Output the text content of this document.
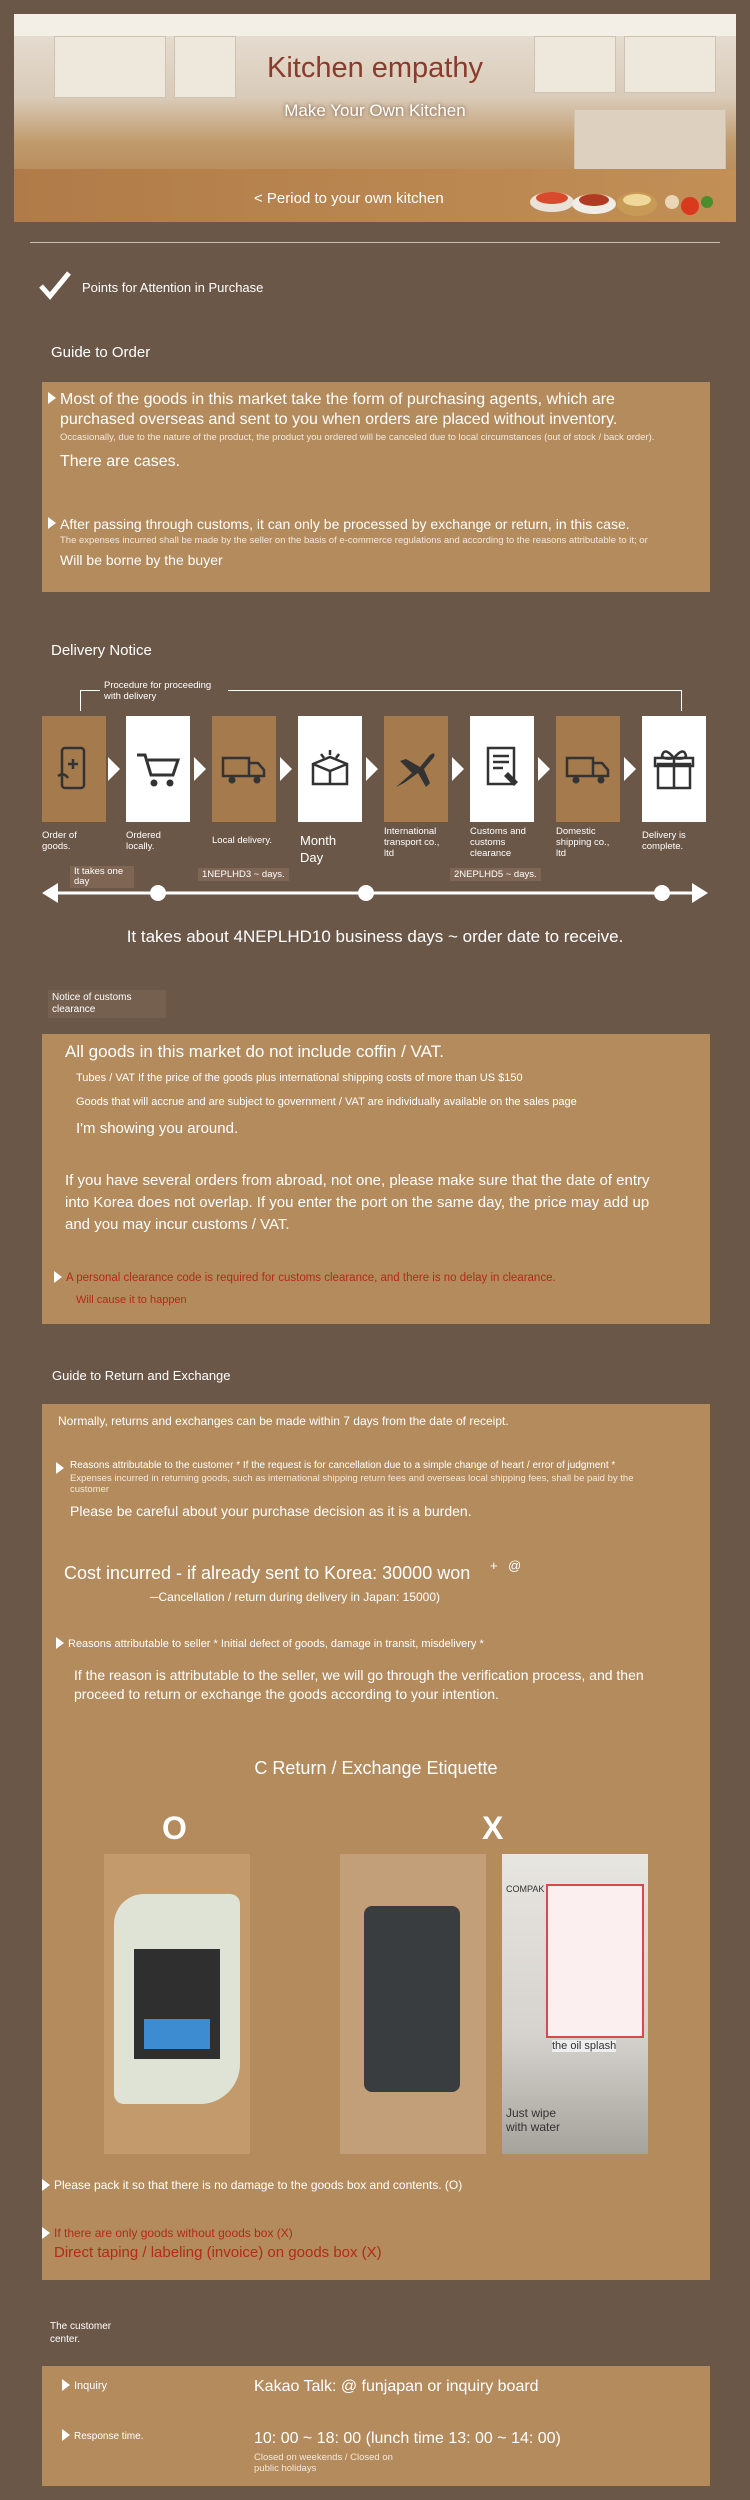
Kitchen empathy
Make Your Own Kitchen
< Period to your own kitchen
Points for Attention in Purchase
Guide to Order
Most of the goods in this market take the form of purchasing agents, which are purchased overseas and sent to you when orders are placed without inventory.
Occasionally, due to the nature of the product, the product you ordered will be canceled due to local circumstances (out of stock / back order).
There are cases.
After passing through customs, it can only be processed by exchange or return, in this case.
The expenses incurred shall be made by the seller on the basis of e-commerce regulations and according to the reasons attributable to it; or
Will be borne by the buyer
Delivery Notice
Procedure for proceeding with delivery
Order of goods.
Ordered locally.
Local delivery.	Month Day
International transport co., ltd
Customs and customs clearance
Domestic shipping co., ltd
Delivery is complete.
It takes one day
1NEPLHD3 ~ days.	2NEPLHD5 ~ days.
It takes about 4NEPLHD10 business days ~ order date to receive.
Notice of customs clearance
All goods in this market do not include coffin / VAT.
Tubes / VAT If the price of the goods plus international shipping costs of more than US $150
Goods that will accrue and are subject to government / VAT are individually available on the sales page
I'm showing you around.
If you have several orders from abroad, not one, please make sure that the date of entry into Korea does not overlap. If you enter the port on the same day, the price may add up and you may incur customs / VAT.
A personal clearance code is required for customs clearance, and there is no delay in clearance.
Will cause it to happen
Guide to Return and Exchange
Normally, returns and exchanges can be made within 7 days from the date of receipt.
Reasons attributable to the customer * If the request is for cancellation due to a simple change of heart / error of judgment *
Expenses incurred in returning goods, such as international shipping return fees and overseas local shipping fees, shall be paid by the customer
Please be careful about your purchase decision as it is a burden.
Cost incurred - if already sent to Korea: 30000 won + @
─Cancellation / return during delivery in Japan: 15000)
Reasons attributable to seller * Initial defect of goods, damage in transit, misdelivery *
If the reason is attributable to the seller, we will go through the verification process, and then proceed to return or exchange the goods according to your intention.
C Return / Exchange Etiquette
O	X
COMPAK
the oil splash
Just wipe with water
Please pack it so that there is no damage to the goods box and contents. (O)
If there are only goods without goods box (X)
Direct taping / labeling (invoice) on goods box (X)
The customer center.
Inquiry	Kakao Talk: @ funjapan or inquiry board
Response time.	10: 00 ~ 18: 00 (lunch time 13: 00 ~ 14: 00)
Closed on weekends / Closed on public holidays
